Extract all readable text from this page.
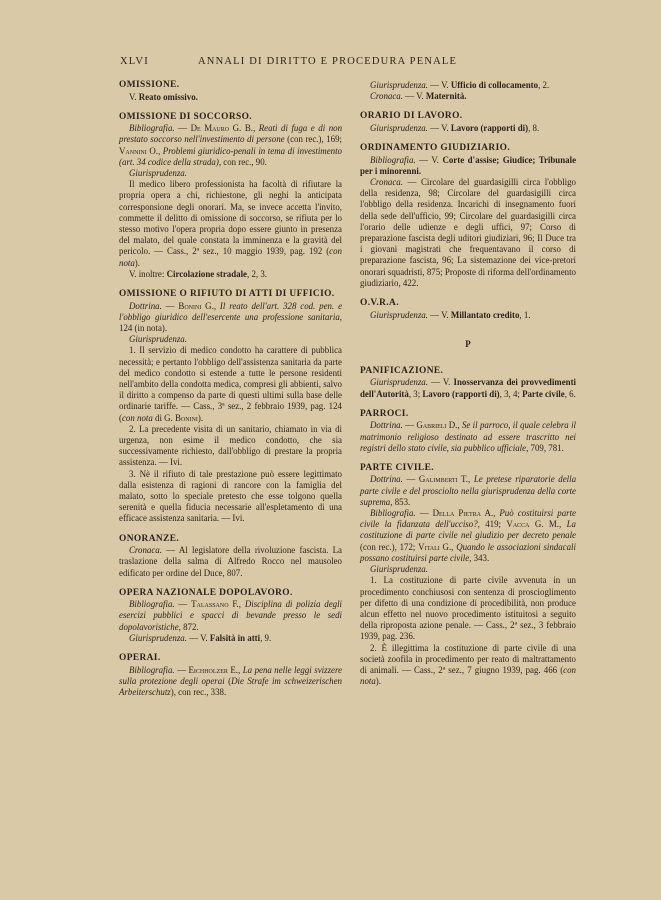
XLVI	ANNALI DI DIRITTO E PROCEDURA PENALE
OMISSIONE.

V. Reato omissivo.

OMISSIONE DI SOCCORSO.

Bibliografia. — De Mauro G. B., Reati di fuga e di non prestato soccorso nell'investimento di persone (con rec.), 169; Vannini O., Problemi giuridico-penali in tema di investimento (art. 34 codice della strada), con rec., 90.

Giurisprudenza.

Il medico libero professionista ha facoltà di rifiutare la propria opera a chi, richiestone, gli neghi la anticipata corresponsione degli onorari. Ma, se invece accetta l'invito, commette il delitto di omissione di soccorso, se rifiuta per lo stesso motivo l'opera propria dopo essere giunto in presenza del malato, del quale constata la imminenza e la gravità del pericolo. — Cass., 2ª sez., 10 maggio 1939, pag. 192 (con nota).

V. inoltre: Circolazione stradale, 2, 3.

OMISSIONE O RIFIUTO DI ATTI DI UFFICIO.

Dottrina. — Bonini G., Il reato dell'art. 328 cod. pen. e l'obbligo giuridico dell'esercente una professione sanitaria, 124 (in nota).

Giurisprudenza.

1. Il servizio di medico condotto ha carattere di pubblica necessità; e pertanto l'obbligo dell'assistenza sanitaria da parte del medico condotto si estende a tutte le persone residenti nell'ambito della condotta medica, compresi gli abbienti, salvo il diritto a compenso da parte di questi ultimi sulla base delle ordinarie tariffe. — Cass., 3ª sez., 2 febbraio 1939, pag. 124 (con nota di G. Bonini).

2. La precedente visita di un sanitario, chiamato in via di urgenza, non esime il medico condotto, che sia successivamente richiesto, dall'obbligo di prestare la propria assistenza. — Ivi.

3. Nè il rifiuto di tale prestazione può essere legittimato dalla esistenza di ragioni di rancore con la famiglia del malato, sotto lo speciale pretesto che esse tolgono quella serenità e quella fiducia necessarie all'espletamento di una efficace assistenza sanitaria. — Ivi.

ONORANZE.

Cronaca. — Al legislatore della rivoluzione fascista. La traslazione della salma di Alfredo Rocco nel mausoleo edificato per ordine del Duce, 807.

OPERA NAZIONALE DOPOLAVORO.

Bibliografia. — Talassano F., Disciplina di polizia degli esercizi pubblici e spacci di bevande presso le sedi dopolavoristiche, 872.

Giurisprudenza. — V. Falsità in atti, 9.

OPERAI.

Bibliografia. — Eichholzer E., La pena nelle leggi svizzere sulla protezione degli operai (Die Strafe im schweizerischen Arbeiterschutz), con rec., 338.

Giurisprudenza. — V. Ufficio di collocamento, 2.

Cronaca. — V. Maternità.

ORARIO DI LAVORO.

Giurisprudenza. — V. Lavoro (rapporti di), 8.

ORDINAMENTO GIUDIZIARIO.

Bibliografia. — V. Corte d'assise; Giudice; Tribunale per i minorenni.

Cronaca. — Circolare del guardasigilli circa l'obbligo della residenza, 98; Circolare del guardasigilli circa l'obbligo della residenza. Incarichi di insegnamento fuori della sede dell'ufficio, 99; Circolare del guardasigilli circa l'orario delle udienze e degli uffici, 97; Corso di preparazione fascista degli uditori giudiziari, 96; Il Duce tra i giovani magistrati che frequentavano il corso di preparazione fascista, 96; La sistemazione dei vice-pretori onorari squadristi, 875; Proposte di riforma dell'ordinamento giudiziario, 422.

O.V.R.A.

Giurisprudenza. — V. Millantato credito, 1.

P
PANIFICAZIONE.

Giurisprudenza. — V. Inosservanza dei provvedimenti dell'Autorità, 3; Lavoro (rapporti di), 3, 4; Parte civile, 6.

PARROCI.

Dottrina. — Gabrieli D., Se il parroco, il quale celebra il matrimonio religioso destinato ad essere trascritto nei registri dello stato civile, sia pubblico ufficiale, 709, 781.

PARTE CIVILE.

Dottrina. — Galimberti T., Le pretese riparatorie della parte civile e del prosciolto nella giurisprudenza della corte suprema, 853.

Bibliografia. — Della Pietra A., Può costituirsi parte civile la fidanzata dell'ucciso?, 419; Vacca G. M., La costituzione di parte civile nel giudizio per decreto penale (con rec.), 172; Vitali G., Quando le associazioni sindacali possano costituirsi parte civile, 343.

Giurisprudenza.

1. La costituzione di parte civile avvenuta in un procedimento conchiusosi con sentenza di proscioglimento per difetto di una condizione di procedibilità, non produce alcun effetto nel nuovo procedimento istituitosi a seguito della riproposta azione penale. — Cass., 2ª sez., 3 febbraio 1939, pag. 236.

2. È illegittima la costituzione di parte civile di una società zoofila in procedimento per reato di maltrattamento di animali. — Cass., 2ª sez., 7 giugno 1939, pag. 466 (con nota).
